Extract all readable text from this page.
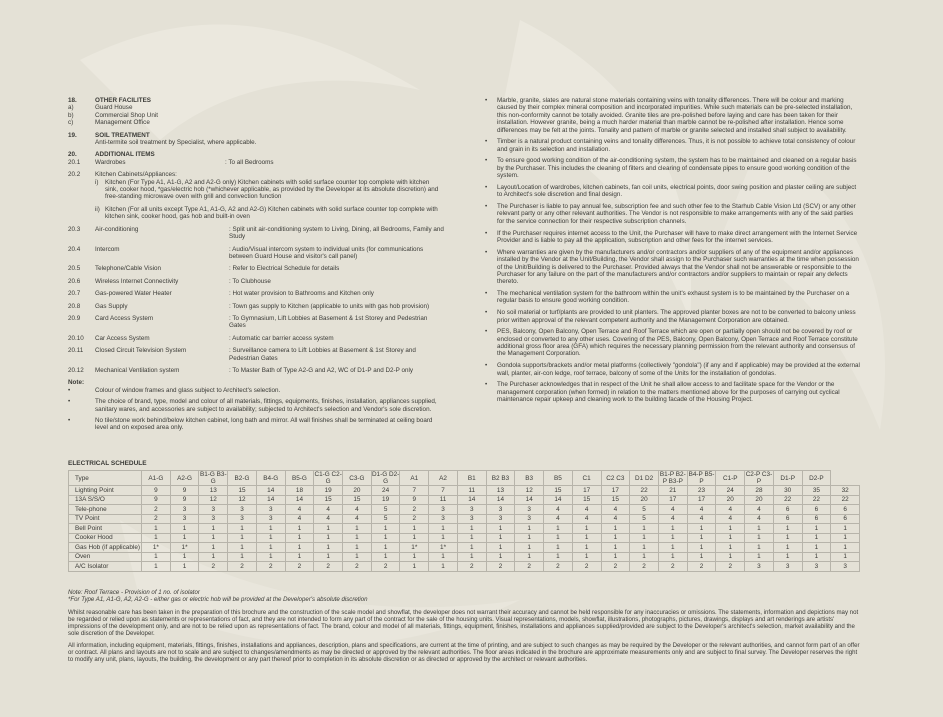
18.	OTHER FACILITES
a)	Guard House
b)	Commercial Shop Unit
c)	Management Office
19.	SOIL TREATMENT
Anti-termite soil treatment by Specialist, where applicable.
20.	ADDITIONAL ITEMS
20.1	Wardrobes	: To all Bedrooms
20.2	Kitchen Cabinets/Appliances:
i)	Kitchen (For Type A1, A1-G, A2 and A2-G only) Kitchen cabinets with solid surface counter top complete with kitchen sink, cooker hood, *gas/electric hob (*whichever applicable, as provided by the Developer at its absolute discretion) and free-standing microwave oven with grill and convection function
ii) Kitchen (For all units except Type A1, A1-G, A2 and A2-G) Kitchen cabinets with solid surface counter top complete with kitchen sink, cooker hood, gas hob and built-in oven
20.3	Air-conditioning	: Split unit air-conditioning system to Living, Dining, all Bedrooms, Family and Study
20.4	Intercom	: Audio/Visual intercom system to individual units (for communications between Guard House and visitor's call panel)
20.5	Telephone/Cable Vision	: Refer to Electrical Schedule for details
20.6	Wireless Internet Connectivity	: To Clubhouse
20.7	Gas-powered Water Heater	: Hot water provision to Bathrooms and Kitchen only
20.8	Gas Supply	: Town gas supply to Kitchen (applicable to units with gas hob provision)
20.9	Card Access System	: To Gymnasium, Lift Lobbies at Basement & 1st Storey and Pedestrian Gates
20.10	Car Access System	: Automatic car barrier access system
20.11	Closed Circuit Television System	: Surveillance camera to Lift Lobbies at Basement & 1st Storey and Pedestrian Gates
20.12	Mechanical Ventilation system	: To Master Bath of Type A2-G and A2, WC of D1-P and D2-P only
Note:
•	Colour of window frames and glass subject to Architect's selection.
•	The choice of brand, type, model and colour of all materials, fittings, equipments, finishes, installation, appliances supplied, sanitary wares, and accessories are subject to availability; subjected to Architect's selection and Vendor's sole discretion.
•	No tile/stone work behind/below kitchen cabinet, long bath and mirror. All wall finishes shall be terminated at ceiling board level and on exposed area only.
•	Marble, granite, slates are natural stone materials containing veins with tonality differences. There will be colour and marking caused by their complex mineral composition and incorporated impurities. While such materials can be pre-selected installation, this non-conformity cannot be totally avoided. Granite tiles are pre-polished before laying and care has been taken for their installation. However granite, being a much harder material than marble cannot be re-polished after installation. Hence some differences may be felt at the joints. Tonality and pattern of marble or granite selected and installed shall subject to availability.
•	Timber is a natural product containing veins and tonality differences. Thus, it is not possible to achieve total consistency of colour and grain in its selection and installation.
•	To ensure good working condition of the air-conditioning system, the system has to be maintained and cleaned on a regular basis by the Purchaser. This includes the cleaning of filters and clearing of condensate pipes to ensure good working condition of the system.
•	Layout/Location of wardrobes, kitchen cabinets, fan coil units, electrical points, door swing position and plaster ceiling are subject to Architect's sole discretion and final design.
•	The Purchaser is liable to pay annual fee, subscription fee and such other fee to the Starhub Cable Vision Ltd (SCV) or any other relevant party or any other relevant authorities. The Vendor is not responsible to make arrangements with any of the said parties for the service connection for their respective subscription channels.
•	If the Purchaser requires internet access to the Unit, the Purchaser will have to make direct arrangement with the Internet Service Provider and is liable to pay all the application, subscription and other fees for the internet services.
•	Where warranties are given by the manufacturers and/or contractors and/or suppliers of any of the equipment and/or appliances installed by the Vendor at the Unit/Building, the Vendor shall assign to the Purchaser such warranties at the time when possession of the Unit/Building is delivered to the Purchaser. Provided always that the Vendor shall not be answerable or responsible to the Purchaser for any failure on the part of the manufacturers and/or contractors and/or suppliers to maintain or repair any defects thereto.
•	The mechanical ventilation system for the bathroom within the unit's exhaust system is to be maintained by the Purchaser on a regular basis to ensure good working condition.
•	No soil material or turf/plants are provided to unit planters. The approved planter boxes are not to be converted to balcony unless prior written approval of the relevant competent authority and the Management Corporation are obtained.
•	PES, Balcony, Open Balcony, Open Terrace and Roof Terrace which are open or partially open should not be covered by roof or enclosed or converted to any other uses. Covering of the PES, Balcony, Open Balcony, Open Terrace and Roof Terrace constitute additional gross floor area (GFA) which requires the necessary planning permission from the relevant authority and consensus of the Management Corporation.
•	Gondola supports/brackets and/or metal platforms (collectively "gondola") (if any and if applicable) may be provided at the external wall, planter, air-con ledge, roof terrace, balcony of some of the Units for the installation of gondolas.
•	The Purchaser acknowledges that in respect of the Unit he shall allow access to and facilitate space for the Vendor or the management corporation (when formed) in relation to the matters mentioned above for the purposes of carrying out cyclical maintenance repair upkeep and cleaning work to the building facade of the Housing Project.
ELECTRICAL SCHEDULE
Type	A1-G	A2-G	B1-G B3-G	B2-G	B4-G	B5-G	C1-G C2-G	C3-G	D1-G D2-G	A1	A2	B1	B2 B3	B3	B5	C1	C2 C3	D1 D2	B1-P B2-P B3-P	B4-P B5-P	C1-P	C2-P C3-P	D1-P	D2-P	
Lighting Point	9	9	13	15	14	18	19	20	24	7	7	11	13	12	15	17	17	22	21	23	24	28	30	35	32
13A S/S/O	9	9	12	12	14	14	15	15	19	9	11	14	14	14	14	15	15	20	17	17	20	20	22	22	22
Tele-phone	2	3	3	3	3	4	4	4	5	2	3	3	3	3	4	4	4	5	4	4	4	4	6	6	6
TV Point	2	3	3	3	3	4	4	4	5	2	3	3	3	3	4	4	4	5	4	4	4	4	6	6	6
Bell Point	1	1	1	1	1	1	1	1	1	1	1	1	1	1	1	1	1	1	1	1	1	1	1	1	1
Cooker Hood	1	1	1	1	1	1	1	1	1	1	1	1	1	1	1	1	1	1	1	1	1	1	1	1	1
Gas Hob (if applicable)	1*	1*	1	1	1	1	1	1	1	1*	1*	1	1	1	1	1	1	1	1	1	1	1	1	1	1
Oven	1	1	1	1	1	1	1	1	1	1	1	1	1	1	1	1	1	1	1	1	1	1	1	1	1
A/C Isolator	1	1	2	2	2	2	2	2	2	1	1	2	2	2	2	2	2	2	2	2	2	3	3	3	3

Note: Roof Terrace - Provision of 1 no. of isolator

*For Type A1, A1-G, A2, A2-G - either gas or electric hob will be provided at the Developer's absolute discretion

Whilst reasonable care has been taken in the preparation of this brochure and the construction of the scale model and showflat, the developer does not warrant their accuracy and cannot be held responsible for any inaccuracies or omissions. The statements, information and depictions may not be regarded or relied upon as statements or representations of fact, and they are not intended to form any part of the contract for the sale of the housing units. Visual representations, models, showflat, illustrations, photographs, pictures, drawings, displays and art renderings are artists' impressions of the development only, and are not to be relied upon as representations of fact. The brand, colour and model of all materials, fittings, equipment, finishes, installations and appliances supplied/provided are subject to the Developer's architect's selection, market availability and the sole discretion of the Developer.

All information, including equipment, materials, fittings, finishes, installations and appliances, description, plans and specifications, are current at the time of printing, and are subject to such changes as may be required by the Developer or the relevant authorities, and cannot form part of an offer or contract. All plans and layouts are not to scale and are subject to changes/amendments as may be directed or approved by the relevant authorities. The floor areas indicated in the brochure are approximate measurements only and are subject to final survey. The Developer reserves the right to modify any unit, plans, layouts, the building, the development or any part thereof prior to completion in its absolute discretion or as directed or approved by the architect or relevant authorities.
